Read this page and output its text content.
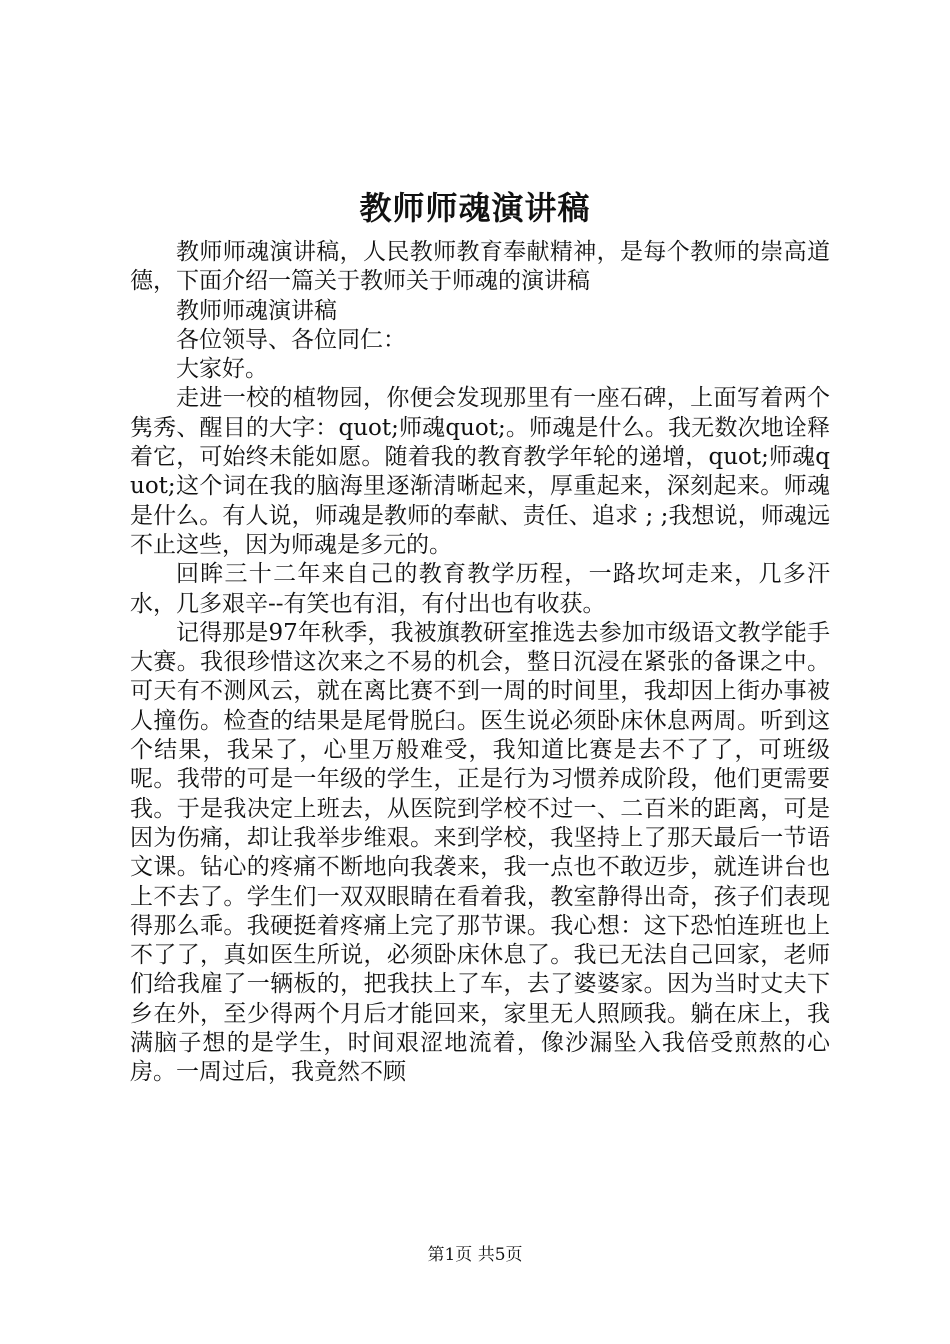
教师师魂演讲稿

教师师魂演讲稿，人民教师教育奉献精神，是每个教师的崇高道德，下面介绍一篇关于教师关于师魂的演讲稿

教师师魂演讲稿

各位领导、各位同仁：

大家好。

走进一校的植物园，你便会发现那里有一座石碑，上面写着两个隽秀、醒目的大字：quot;师魂quot;。师魂是什么。我无数次地诠释着它，可始终未能如愿。随着我的教育教学年轮的递增，quot;师魂quot;这个词在我的脑海里逐渐清晰起来，厚重起来，深刻起来。师魂是什么。有人说，师魂是教师的奉献、责任、追求 ; ;我想说，师魂远不止这些，因为师魂是多元的。

回眸三十二年来自己的教育教学历程，一路坎坷走来，几多汗水，几多艰辛--有笑也有泪，有付出也有收获。

记得那是97年秋季，我被旗教研室推选去参加市级语文教学能手大赛。我很珍惜这次来之不易的机会，整日沉浸在紧张的备课之中。可天有不测风云，就在离比赛不到一周的时间里，我却因上街办事被人撞伤。检查的结果是尾骨脱臼。医生说必须卧床休息两周。听到这个结果，我呆了，心里万般难受，我知道比赛是去不了了，可班级呢。我带的可是一年级的学生，正是行为习惯养成阶段，他们更需要我。于是我决定上班去，从医院到学校不过一、二百米的距离，可是因为伤痛，却让我举步维艰。来到学校，我坚持上了那天最后一节语文课。钻心的疼痛不断地向我袭来，我一点也不敢迈步，就连讲台也上不去了。学生们一双双眼睛在看着我，教室静得出奇，孩子们表现得那么乖。我硬挺着疼痛上完了那节课。我心想：这下恐怕连班也上不了了，真如医生所说，必须卧床休息了。我已无法自己回家，老师们给我雇了一辆板的，把我扶上了车，去了婆婆家。因为当时丈夫下乡在外，至少得两个月后才能回来，家里无人照顾我。躺在床上，我满脑子想的是学生，时间艰涩地流着，像沙漏坠入我倍受煎熬的心房。一周过后，我竟然不顾

第1页 共5页
